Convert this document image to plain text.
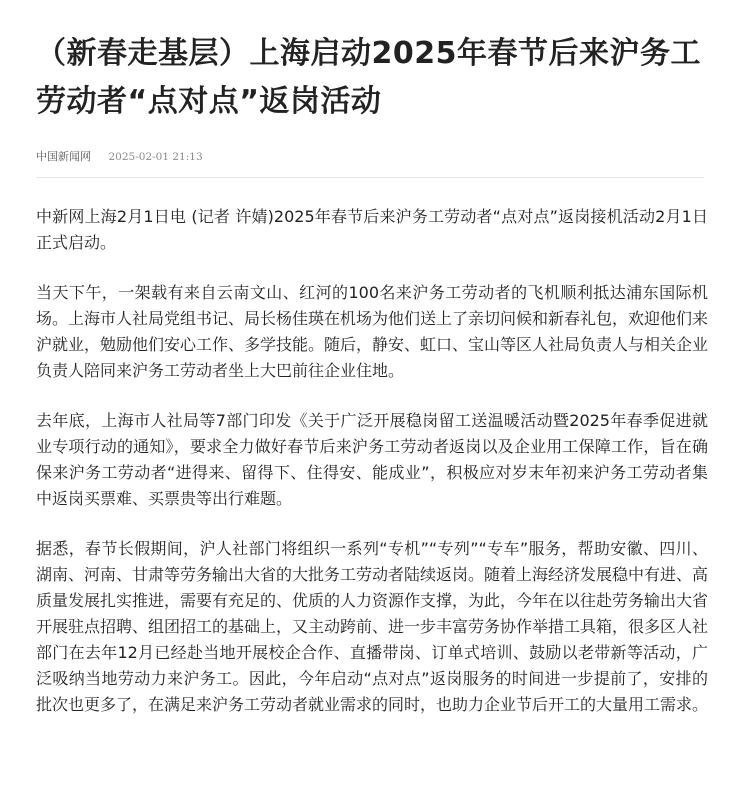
（新春走基层）上海启动2025年春节后来沪务工劳动者“点对点”返岗活动
中国新闻网 2025-02-01 21:13

中新网上海2月1日电 (记者 许婧)2025年春节后来沪务工劳动者“点对点”返岗接机活动2月1日正式启动。

当天下午，一架载有来自云南文山、红河的100名来沪务工劳动者的飞机顺利抵达浦东国际机场。上海市人社局党组书记、局长杨佳瑛在机场为他们送上了亲切问候和新春礼包，欢迎他们来沪就业，勉励他们安心工作、多学技能。随后，静安、虹口、宝山等区人社局负责人与相关企业负责人陪同来沪务工劳动者坐上大巴前往企业住地。

去年底，上海市人社局等7部门印发《关于广泛开展稳岗留工送温暖活动暨2025年春季促进就业专项行动的通知》，要求全力做好春节后来沪务工劳动者返岗以及企业用工保障工作，旨在确保来沪务工劳动者“进得来、留得下、住得安、能成业”，积极应对岁末年初来沪务工劳动者集中返岗买票难、买票贵等出行难题。

据悉，春节长假期间，沪人社部门将组织一系列“专机”“专列”“专车”服务，帮助安徽、四川、湖南、河南、甘肃等劳务输出大省的大批务工劳动者陆续返岗。随着上海经济发展稳中有进、高质量发展扎实推进，需要有充足的、优质的人力资源作支撑，为此，今年在以往赴劳务输出大省开展驻点招聘、组团招工的基础上，又主动跨前、进一步丰富劳务协作举措工具箱，很多区人社部门在去年12月已经赴当地开展校企合作、直播带岗、订单式培训、鼓励以老带新等活动，广泛吸纳当地劳动力来沪务工。因此，今年启动“点对点”返岗服务的时间进一步提前了，安排的批次也更多了，在满足来沪务工劳动者就业需求的同时，也助力企业节后开工的大量用工需求。
